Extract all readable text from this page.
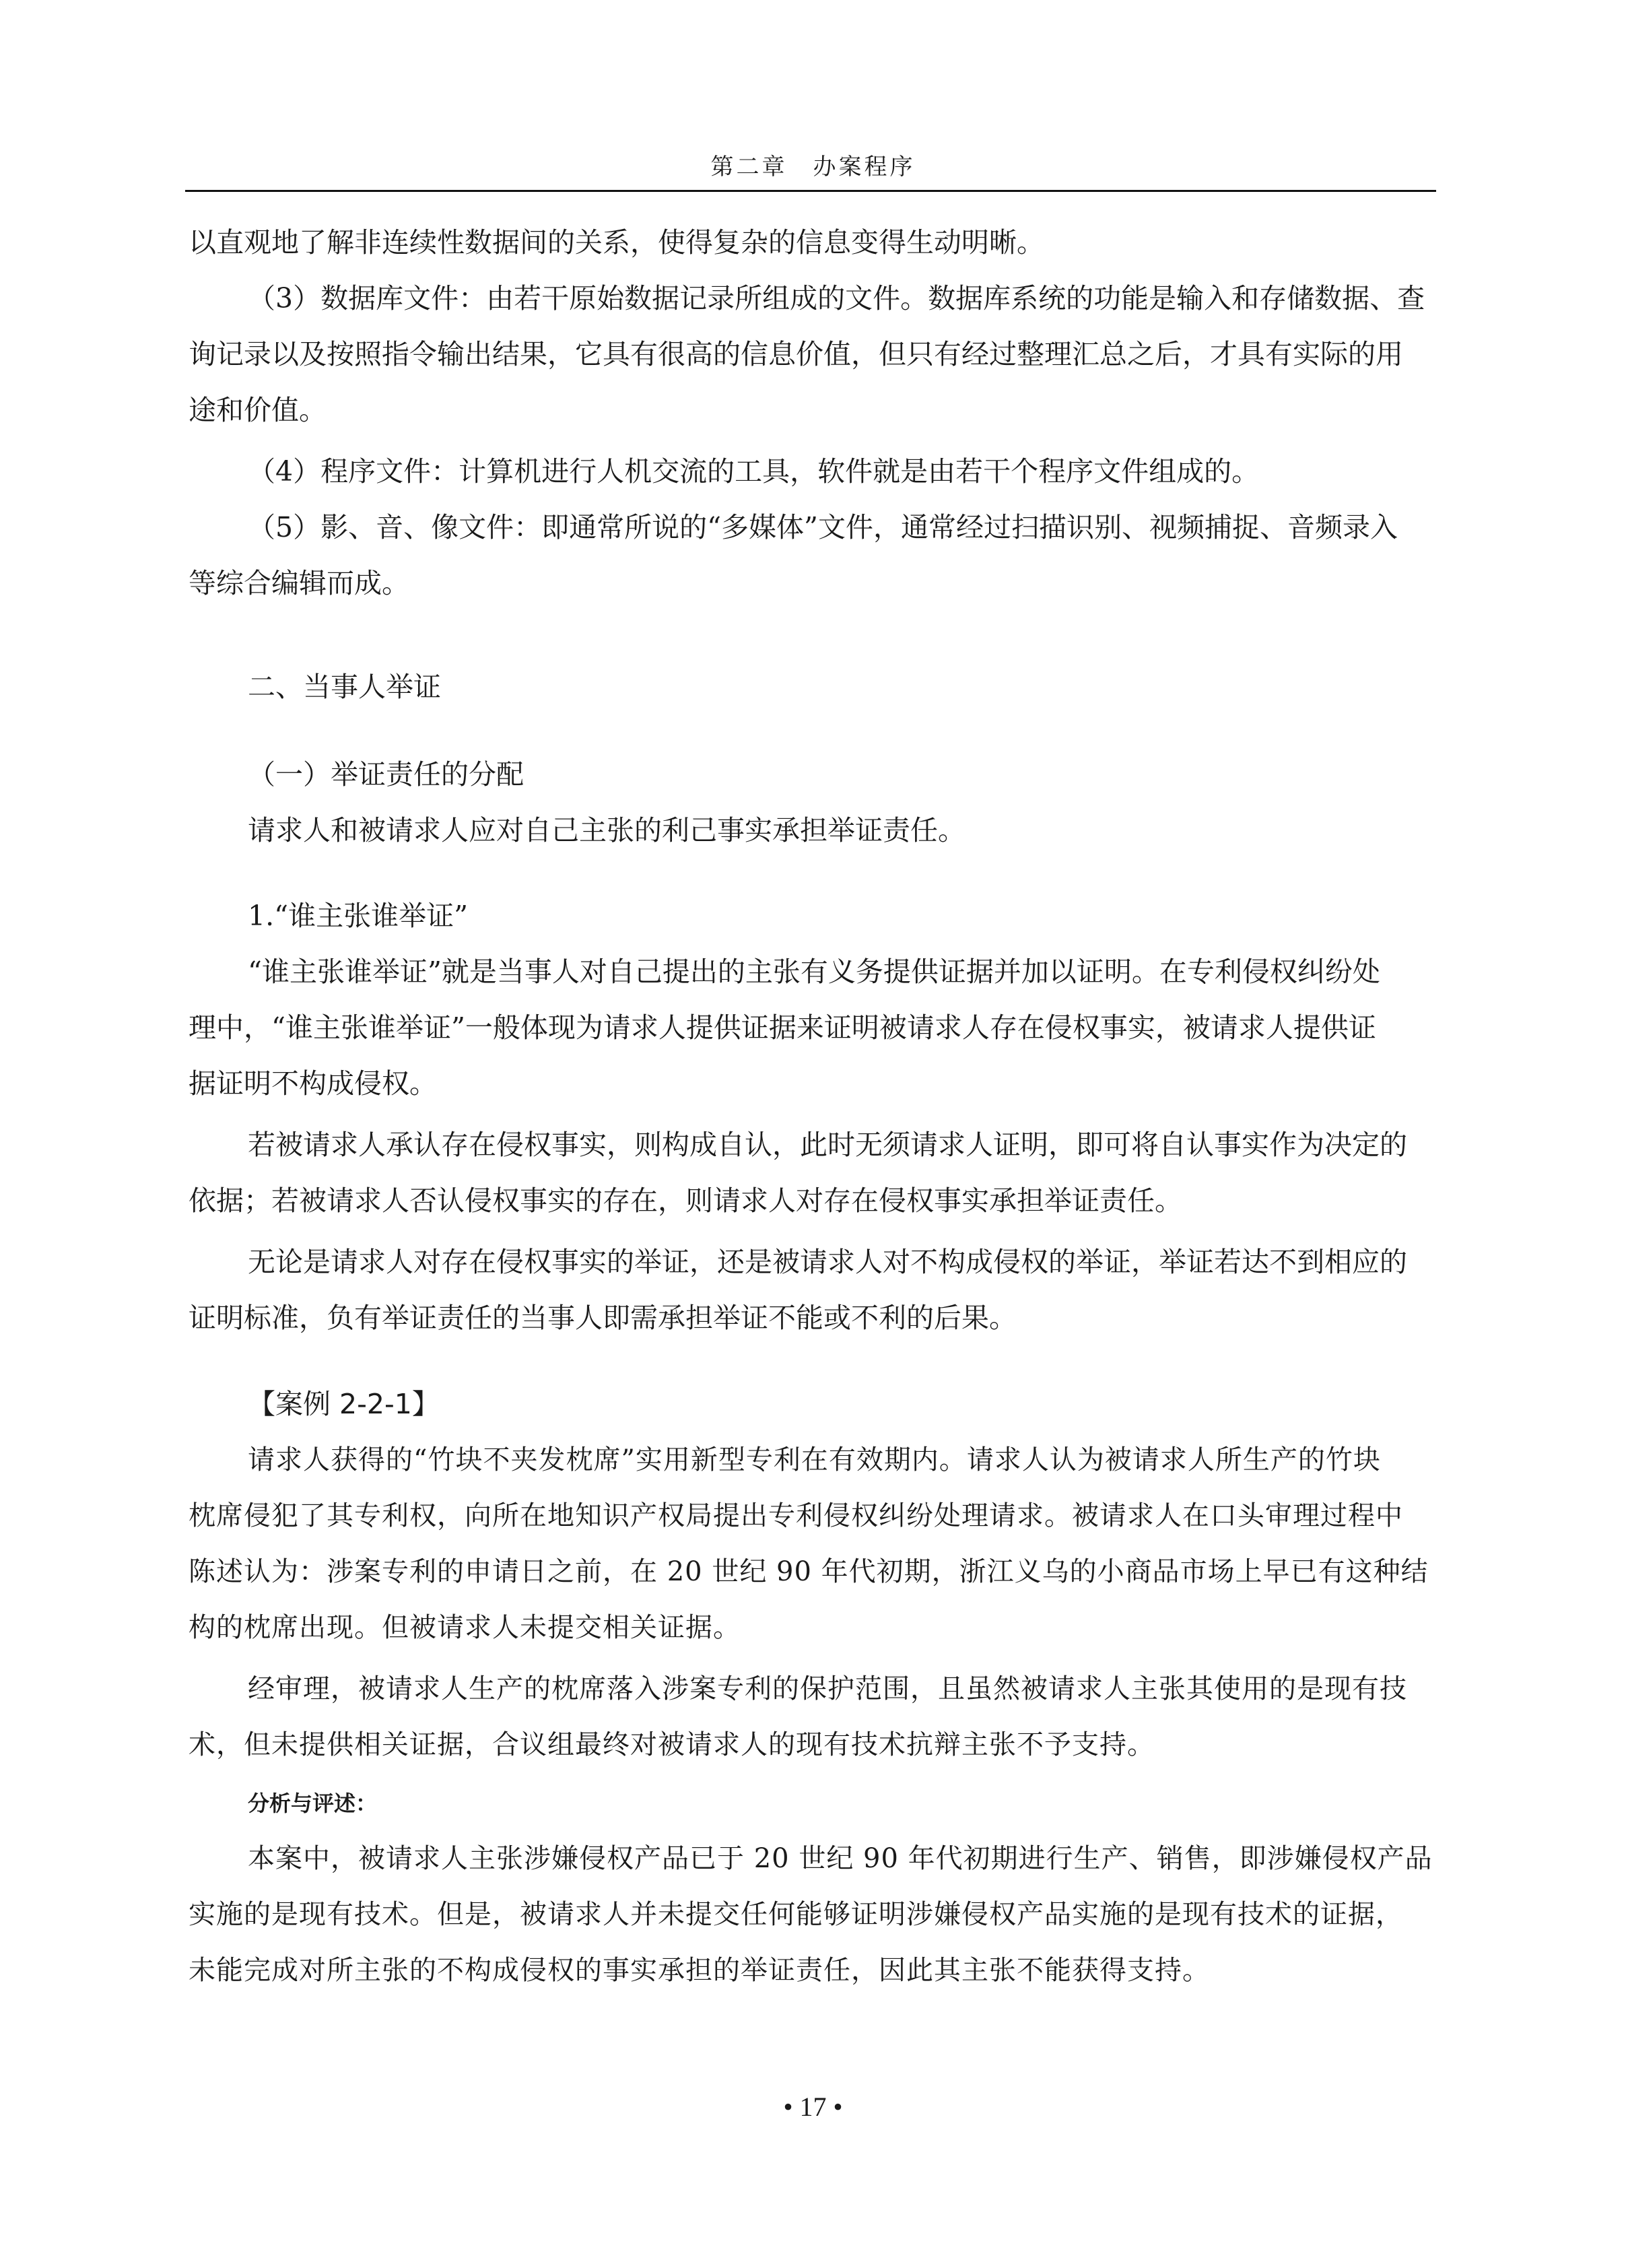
第二章　办案程序
以直观地了解非连续性数据间的关系，使得复杂的信息变得生动明晰。
（3）数据库文件：由若干原始数据记录所组成的文件。数据库系统的功能是输入和存储数据、查
询记录以及按照指令输出结果，它具有很高的信息价值，但只有经过整理汇总之后，才具有实际的用
途和价值。
（4）程序文件：计算机进行人机交流的工具，软件就是由若干个程序文件组成的。
（5）影、音、像文件：即通常所说的“多媒体”文件，通常经过扫描识别、视频捕捉、音频录入
等综合编辑而成。
二、当事人举证
（一）举证责任的分配
请求人和被请求人应对自己主张的利己事实承担举证责任。
1.“谁主张谁举证”
“谁主张谁举证”就是当事人对自己提出的主张有义务提供证据并加以证明。在专利侵权纠纷处
理中，“谁主张谁举证”一般体现为请求人提供证据来证明被请求人存在侵权事实，被请求人提供证
据证明不构成侵权。
若被请求人承认存在侵权事实，则构成自认，此时无须请求人证明，即可将自认事实作为决定的
依据；若被请求人否认侵权事实的存在，则请求人对存在侵权事实承担举证责任。
无论是请求人对存在侵权事实的举证，还是被请求人对不构成侵权的举证，举证若达不到相应的
证明标准，负有举证责任的当事人即需承担举证不能或不利的后果。
【案例 2-2-1】
请求人获得的“竹块不夹发枕席”实用新型专利在有效期内。请求人认为被请求人所生产的竹块
枕席侵犯了其专利权，向所在地知识产权局提出专利侵权纠纷处理请求。被请求人在口头审理过程中
陈述认为：涉案专利的申请日之前，在 20 世纪 90 年代初期，浙江义乌的小商品市场上早已有这种结
构的枕席出现。但被请求人未提交相关证据。
经审理，被请求人生产的枕席落入涉案专利的保护范围，且虽然被请求人主张其使用的是现有技
术，但未提供相关证据，合议组最终对被请求人的现有技术抗辩主张不予支持。
分析与评述：
本案中，被请求人主张涉嫌侵权产品已于 20 世纪 90 年代初期进行生产、销售，即涉嫌侵权产品
实施的是现有技术。但是，被请求人并未提交任何能够证明涉嫌侵权产品实施的是现有技术的证据，
未能完成对所主张的不构成侵权的事实承担的举证责任，因此其主张不能获得支持。
• 17 •
